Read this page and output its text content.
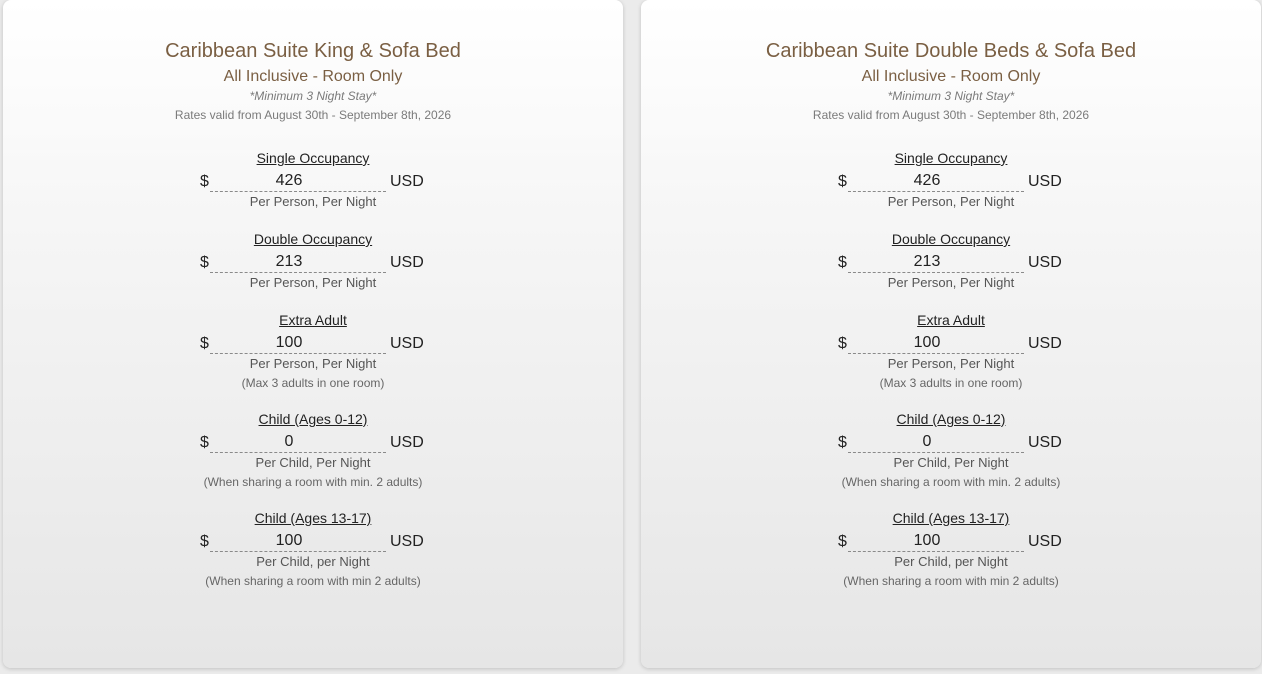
Caribbean Suite King & Sofa Bed
All Inclusive - Room Only
*Minimum 3 Night Stay*
Rates valid from August 30th - September 8th, 2026
Single Occupancy
$	426	USD
Per Person, Per Night
Double Occupancy
$	213	USD
Per Person, Per Night
Extra Adult
$	100	USD
Per Person, Per Night
(Max 3 adults in one room)
Child (Ages 0-12)
$	0	USD
Per Child, Per Night
(When sharing a room with min. 2 adults)
Child (Ages 13-17)
$	100	USD
Per Child, per Night
(When sharing a room with min 2 adults)
Caribbean Suite Double Beds & Sofa Bed
All Inclusive - Room Only
*Minimum 3 Night Stay*
Rates valid from August 30th - September 8th, 2026
Single Occupancy
$	426	USD
Per Person, Per Night
Double Occupancy
$	213	USD
Per Person, Per Night
Extra Adult
$	100	USD
Per Person, Per Night
(Max 3 adults in one room)
Child (Ages 0-12)
$	0	USD
Per Child, Per Night
(When sharing a room with min. 2 adults)
Child (Ages 13-17)
$	100	USD
Per Child, per Night
(When sharing a room with min 2 adults)
